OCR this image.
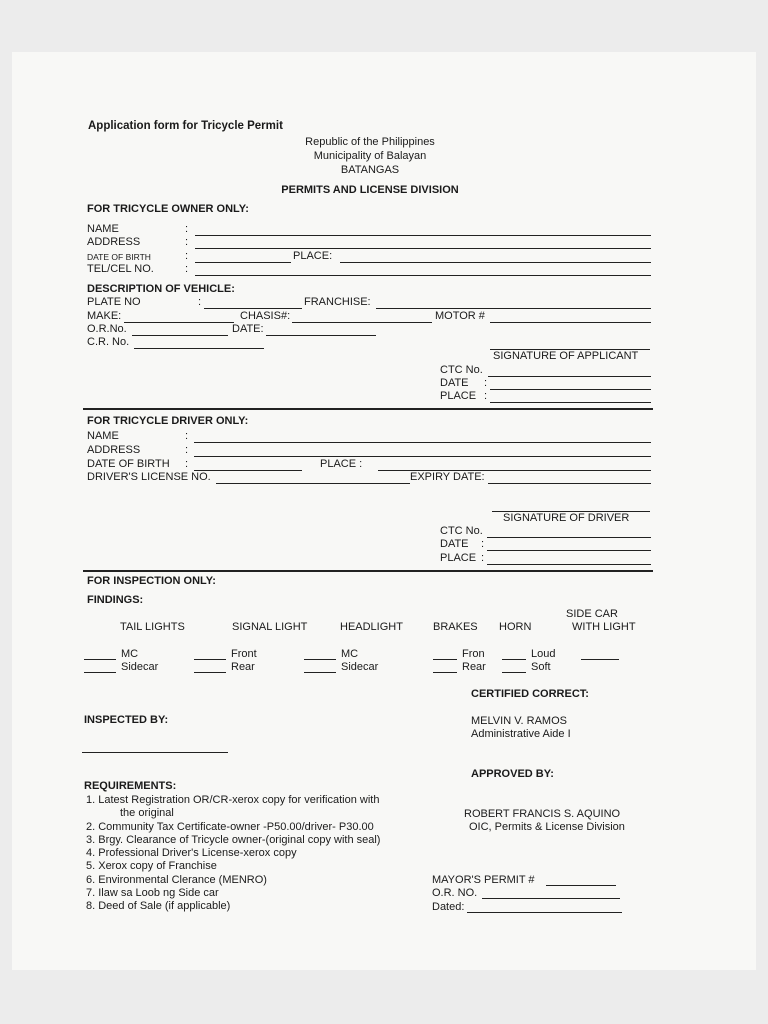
Application form for Tricycle Permit
Republic of the Philippines
Municipality of Balayan
BATANGAS
PERMITS AND LICENSE DIVISION
FOR TRICYCLE OWNER ONLY:
NAME	:
ADDRESS	:
DATE OF BIRTH	:	PLACE:
TEL/CEL NO.	:
DESCRIPTION OF VEHICLE:
PLATE NO	:	FRANCHISE:
MAKE:	CHASIS#:	MOTOR #
O.R.No.	DATE:
C.R. No.
SIGNATURE OF APPLICANT
CTC No.
DATE :
PLACE :
FOR TRICYCLE DRIVER ONLY:
NAME	:
ADDRESS	:
DATE OF BIRTH :	PLACE :
DRIVER'S LICENSE NO.	EXPIRY DATE:
SIGNATURE OF DRIVER
CTC No.
DATE :
PLACE :
FOR INSPECTION ONLY:
FINDINGS:
TAIL LIGHTS	SIGNAL LIGHT	HEADLIGHT	BRAKES HORN
SIDE CAR
WITH LIGHT
MC	Front	MC	Fron	Loud
Sidecar	Rear	Sidecar	Rear	Soft
CERTIFIED CORRECT:
MELVIN V. RAMOS
Administrative Aide I
INSPECTED BY:
APPROVED BY:
REQUIREMENTS:
1. Latest Registration OR/CR-xerox copy for verification with
the original
2. Community Tax Certificate-owner -P50.00/driver- P30.00
3. Brgy. Clearance of Tricycle owner-(original copy with seal)
4. Professional Driver's License-xerox copy
5. Xerox copy of Franchise
6. Environmental Clerance (MENRO)
7. Ilaw sa Loob ng Side car
8. Deed of Sale (if applicable)
ROBERT FRANCIS S. AQUINO
OIC, Permits & License Division
MAYOR'S PERMIT #
O.R. NO.
Dated:
